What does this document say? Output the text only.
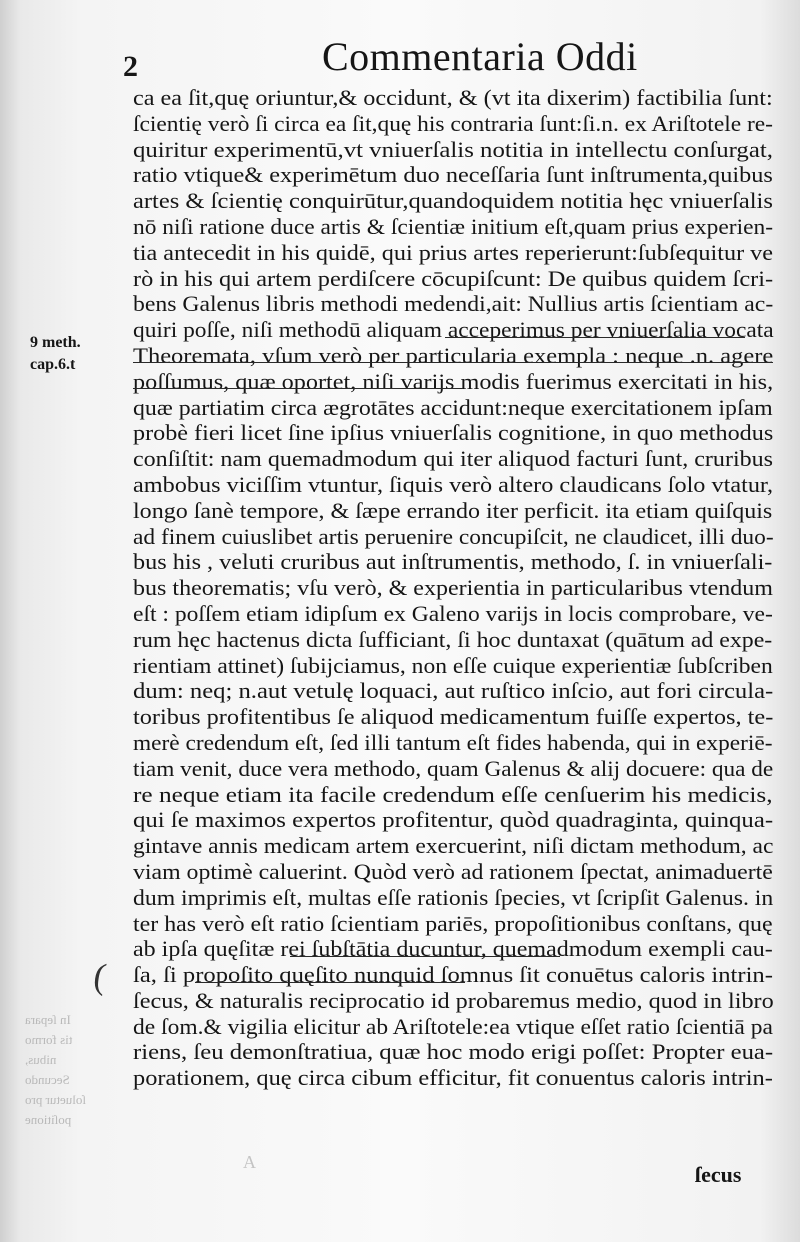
2	Commentaria Oddi
9 meth.
cap.6.t
ca ea ſit,quę oriuntur,& occidunt, & (vt ita dixerim) factibilia ſunt:
ſcientię verò ſi circa ea ſit,quę his contraria ſunt:ſi.n. ex Ariſtotele re-
quiritur experimentū,vt vniuerſalis notitia in intellectu conſurgat,
ratio vtique& experimētum duo neceſſaria ſunt inſtrumenta,quibus
artes & ſcientię conquirūtur,quandoquidem notitia hęc vniuerſalis
nō niſi ratione duce artis & ſcientiæ initium eſt,quam prius experien-
tia antecedit in his quidē, qui prius artes reperierunt:ſubſequitur ve
rò in his qui artem perdiſcere cōcupiſcunt: De quibus quidem ſcri-
bens Galenus libris methodi medendi,ait: Nullius artis ſcientiam ac-
quiri poſſe, niſi methodū aliquam acceperimus per vniuerſalia vocata
Theoremata, vſum verò per particularia exempla : neque .n. agere
poſſumus, quæ oportet, niſi varijs modis fuerimus exercitati in his,
quæ partiatim circa ægrotātes accidunt:neque exercitationem ipſam
probè fieri licet ſine ipſius vniuerſalis cognitione, in quo methodus
conſiſtit: nam quemadmodum qui iter aliquod facturi ſunt, cruribus
ambobus viciſſim vtuntur, ſiquis verò altero claudicans ſolo vtatur,
longo ſanè tempore, & ſæpe errando iter perficit. ita etiam quiſquis
ad finem cuiuslibet artis peruenire concupiſcit, ne claudicet, illi duo-
bus his , veluti cruribus aut inſtrumentis, methodo, ſ. in vniuerſali-
bus theorematis; vſu verò, & experientia in particularibus vtendum
eſt : poſſem etiam idipſum ex Galeno varijs in locis comprobare, ve-
rum hęc hactenus dicta ſufficiant, ſi hoc duntaxat (quātum ad expe-
rientiam attinet) ſubijciamus, non eſſe cuique experientiæ ſubſcriben
dum: neq; n.aut vetulę loquaci, aut ruſtico inſcio, aut fori circula-
toribus profitentibus ſe aliquod medicamentum fuiſſe expertos, te-
merè credendum eſt, ſed illi tantum eſt fides habenda, qui in experiē-
tiam venit, duce vera methodo, quam Galenus & alij docuere: qua de
re neque etiam ita facile credendum eſſe cenſuerim his medicis,
qui ſe maximos expertos profitentur, quòd quadraginta, quinqua-
gintave annis medicam artem exercuerint, niſi dictam methodum, ac
viam optimè caluerint. Quòd verò ad rationem ſpectat, animaduertē
dum imprimis eſt, multas eſſe rationis ſpecies, vt ſcripſit Galenus. in
ter has verò eſt ratio ſcientiam pariēs, propoſitionibus conſtans, quę
ab ipſa quęſitæ rei ſubſtātia ducuntur, quemadmodum exempli cau-
ſa, ſi propoſito quęſito nunquid ſomnus ſit conuētus caloris intrin-
ſecus, & naturalis reciprocatio id probaremus medio, quod in libro
de ſom.& vigilia elicitur ab Ariſtotele:ea vtique eſſet ratio ſcientiā pa
riens, ſeu demonſtratiua, quæ hoc modo erigi poſſet: Propter eua-
porationem, quę circa cibum efficitur, fit conuentus caloris intrin-
(
In ſepara
tis formo
nibus,
Secundo
ſoluetur pro
poſitione
A	ſecus
